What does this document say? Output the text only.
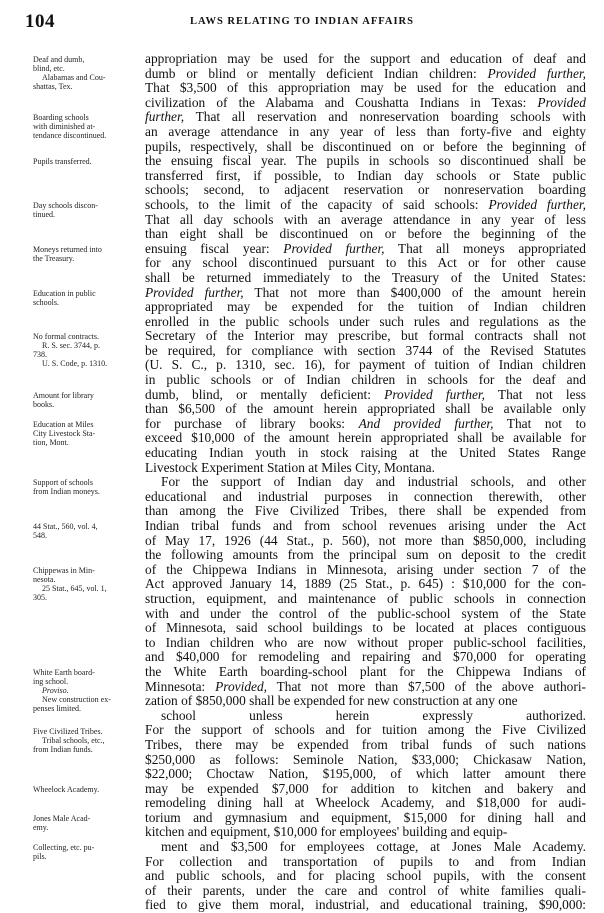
104	LAWS RELATING TO INDIAN AFFAIRS
Deaf and dumb,
blind, etc.
Alabamas and Cou-
shattas, Tex.
Boarding schools
with diminished at-
tendance discontinued.
Pupils transferred.
Day schools discon-
tinued.
Moneys returned into
the Treasury.
Education in public
schools.
No formal contracts.
R. S. sec. 3744, p.
738.
U. S. Code, p. 1310.
Amount for library
books.
Education at Miles
City Livestock Sta-
tion, Mont.
Support of schools
from Indian moneys.
44 Stat., 560, vol. 4,
548.
Chippewas in Min-
nesota.
25 Stat., 645, vol. 1,
305.
White Earth board-
ing school.
Proviso.
New construction ex-
penses limited.
Five Civilized Tribes.
Tribal schools, etc.,
from Indian funds.
Wheelock Academy.
Jones Male Acad-
emy.
Collecting, etc. pu-
pils.
appropriation may be used for the support and education of deaf and
dumb or blind or mentally deficient Indian children: Provided further,
That $3,500 of this appropriation may be used for the education and
civilization of the Alabama and Coushatta Indians in Texas: Provided
further, That all reservation and nonreservation boarding schools with
an average attendance in any year of less than forty-five and eighty
pupils, respectively, shall be discontinued on or before the beginning of
the ensuing fiscal year. The pupils in schools so discontinued shall be
transferred first, if possible, to Indian day schools or State public
schools; second, to adjacent reservation or nonreservation boarding
schools, to the limit of the capacity of said schools: Provided further,
That all day schools with an average attendance in any year of less
than eight shall be discontinued on or before the beginning of the
ensuing fiscal year: Provided further, That all moneys appropriated
for any school discontinued pursuant to this Act or for other cause
shall be returned immediately to the Treasury of the United States:
Provided further, That not more than $400,000 of the amount herein
appropriated may be expended for the tuition of Indian children
enrolled in the public schools under such rules and regulations as the
Secretary of the Interior may prescribe, but formal contracts shall not
be required, for compliance with section 3744 of the Revised Statutes
(U. S. C., p. 1310, sec. 16), for payment of tuition of Indian children
in public schools or of Indian children in schools for the deaf and
dumb, blind, or mentally deficient: Provided further, That not less
than $6,500 of the amount herein appropriated shall be available only
for purchase of library books: And provided further, That not to
exceed $10,000 of the amount herein appropriated shall be available for
educating Indian youth in stock raising at the United States Range
Livestock Experiment Station at Miles City, Montana.
For the support of Indian day and industrial schools, and other
educational and industrial purposes in connection therewith, other
than among the Five Civilized Tribes, there shall be expended from
Indian tribal funds and from school revenues arising under the Act
of May 17, 1926 (44 Stat., p. 560), not more than $850,000, including
the following amounts from the principal sum on deposit to the credit
of the Chippewa Indians in Minnesota, arising under section 7 of the
Act approved January 14, 1889 (25 Stat., p. 645) : $10,000 for the con-
struction, equipment, and maintenance of public schools in connection
with and under the control of the public-school system of the State
of Minnesota, said school buildings to be located at places contiguous
to Indian children who are now without proper public-school facilities,
and $40,000 for remodeling and repairing and $70,000 for operating
the White Earth boarding-school plant for the Chippewa Indians of
Minnesota: Provided, That not more than $7,500 of the above authori-
zation of $850,000 shall be expended for new construction at any one
school unless herein expressly authorized.
For the support of schools and for tuition among the Five Civilized
Tribes, there may be expended from tribal funds of such nations
$250,000 as follows: Seminole Nation, $33,000; Chickasaw Nation,
$22,000; Choctaw Nation, $195,000, of which latter amount there
may be expended $7,000 for addition to kitchen and bakery and
remodeling dining hall at Wheelock Academy, and $18,000 for audi-
torium and gymnasium and equipment, $15,000 for dining hall and
kitchen and equipment, $10,000 for employees' building and equip-
ment and $3,500 for employees cottage, at Jones Male Academy.
For collection and transportation of pupils to and from Indian
and public schools, and for placing school pupils, with the consent
of their parents, under the care and control of white families quali-
fied to give them moral, industrial, and educational training, $90,000:
